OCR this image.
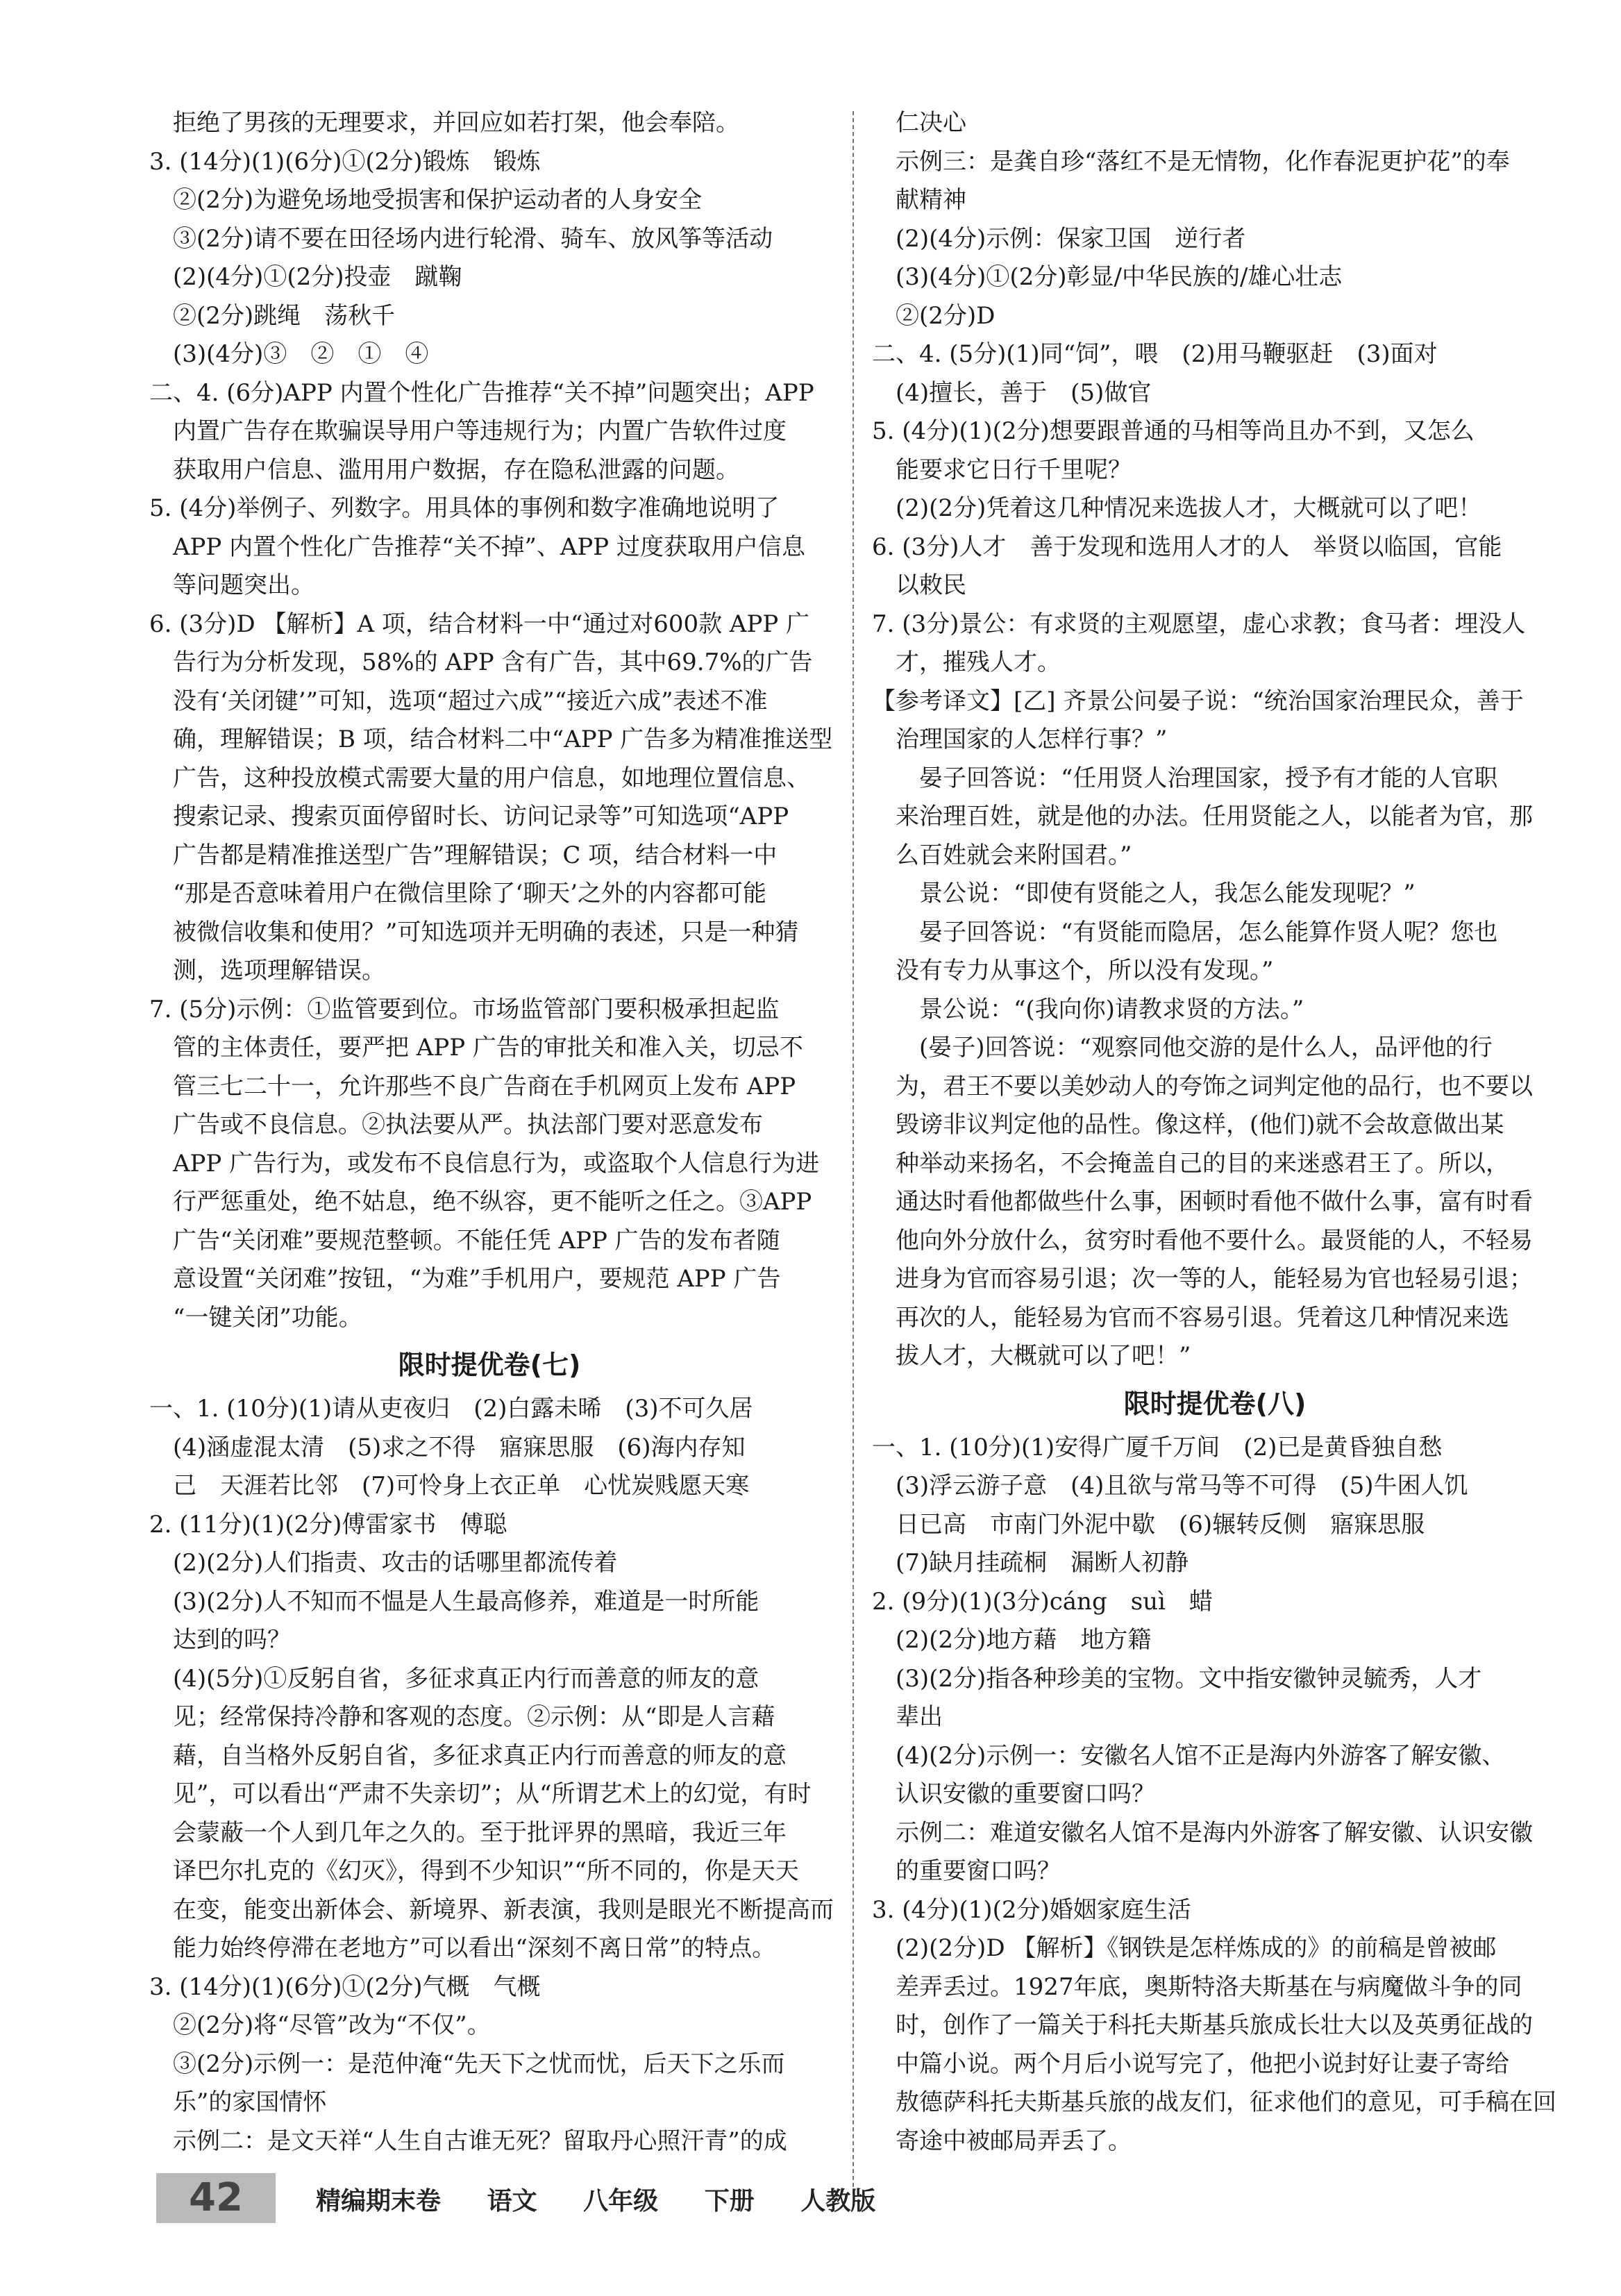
拒绝了男孩的无理要求，并回应如若打架，他会奉陪。
3. (14分)(1)(6分)①(2分)锻炼　锻炼
②(2分)为避免场地受损害和保护运动者的人身安全
③(2分)请不要在田径场内进行轮滑、骑车、放风筝等活动
(2)(4分)①(2分)投壶　蹴鞠
②(2分)跳绳　荡秋千
(3)(4分)③　②　①　④
二、4. (6分)APP 内置个性化广告推荐“关不掉”问题突出；APP
内置广告存在欺骗误导用户等违规行为；内置广告软件过度
获取用户信息、滥用用户数据，存在隐私泄露的问题。
5. (4分)举例子、列数字。用具体的事例和数字准确地说明了
APP 内置个性化广告推荐“关不掉”、APP 过度获取用户信息
等问题突出。
6. (3分)D 【解析】A 项，结合材料一中“通过对600款 APP 广
告行为分析发现，58%的 APP 含有广告，其中69.7%的广告
没有‘关闭键’”可知，选项“超过六成”“接近六成”表述不准
确，理解错误；B 项，结合材料二中“APP 广告多为精准推送型
广告，这种投放模式需要大量的用户信息，如地理位置信息、
搜索记录、搜索页面停留时长、访问记录等”可知选项“APP
广告都是精准推送型广告”理解错误；C 项，结合材料一中
“那是否意味着用户在微信里除了‘聊天’之外的内容都可能
被微信收集和使用？”可知选项并无明确的表述，只是一种猜
测，选项理解错误。
7. (5分)示例：①监管要到位。市场监管部门要积极承担起监
管的主体责任，要严把 APP 广告的审批关和准入关，切忌不
管三七二十一，允许那些不良广告商在手机网页上发布 APP
广告或不良信息。②执法要从严。执法部门要对恶意发布
APP 广告行为，或发布不良信息行为，或盗取个人信息行为进
行严惩重处，绝不姑息，绝不纵容，更不能听之任之。③APP
广告“关闭难”要规范整顿。不能任凭 APP 广告的发布者随
意设置“关闭难”按钮，“为难”手机用户，要规范 APP 广告
“一键关闭”功能。
限时提优卷(七)
一、1. (10分)(1)请从吏夜归　(2)白露未晞　(3)不可久居
(4)涵虚混太清　(5)求之不得　寤寐思服　(6)海内存知
己　天涯若比邻　(7)可怜身上衣正单　心忧炭贱愿天寒
2. (11分)(1)(2分)傅雷家书　傅聪
(2)(2分)人们指责、攻击的话哪里都流传着
(3)(2分)人不知而不愠是人生最高修养，难道是一时所能
达到的吗？
(4)(5分)①反躬自省，多征求真正内行而善意的师友的意
见；经常保持冷静和客观的态度。②示例：从“即是人言藉
藉，自当格外反躬自省，多征求真正内行而善意的师友的意
见”，可以看出“严肃不失亲切”；从“所谓艺术上的幻觉，有时
会蒙蔽一个人到几年之久的。至于批评界的黑暗，我近三年
译巴尔扎克的《幻灭》，得到不少知识”“所不同的，你是天天
在变，能变出新体会、新境界、新表演，我则是眼光不断提高而
能力始终停滞在老地方”可以看出“深刻不离日常”的特点。
3. (14分)(1)(6分)①(2分)气概　气概
②(2分)将“尽管”改为“不仅”。
③(2分)示例一：是范仲淹“先天下之忧而忧，后天下之乐而
乐”的家国情怀
示例二：是文天祥“人生自古谁无死？留取丹心照汗青”的成
仁决心
示例三：是龚自珍“落红不是无情物，化作春泥更护花”的奉
献精神
(2)(4分)示例：保家卫国　逆行者
(3)(4分)①(2分)彰显/中华民族的/雄心壮志
②(2分)D
二、4. (5分)(1)同“饲”，喂　(2)用马鞭驱赶　(3)面对
(4)擅长，善于　(5)做官
5. (4分)(1)(2分)想要跟普通的马相等尚且办不到，又怎么
能要求它日行千里呢？
(2)(2分)凭着这几种情况来选拔人才，大概就可以了吧！
6. (3分)人才　善于发现和选用人才的人　举贤以临国，官能
以敕民
7. (3分)景公：有求贤的主观愿望，虚心求教；食马者：埋没人
才，摧残人才。
【参考译文】[乙] 齐景公问晏子说：“统治国家治理民众，善于
治理国家的人怎样行事？”
晏子回答说：“任用贤人治理国家，授予有才能的人官职
来治理百姓，就是他的办法。任用贤能之人，以能者为官，那
么百姓就会来附国君。”
景公说：“即使有贤能之人，我怎么能发现呢？”
晏子回答说：“有贤能而隐居，怎么能算作贤人呢？您也
没有专力从事这个，所以没有发现。”
景公说：“(我向你)请教求贤的方法。”
(晏子)回答说：“观察同他交游的是什么人，品评他的行
为，君王不要以美妙动人的夸饰之词判定他的品行，也不要以
毁谤非议判定他的品性。像这样，(他们)就不会故意做出某
种举动来扬名，不会掩盖自己的目的来迷惑君王了。所以，
通达时看他都做些什么事，困顿时看他不做什么事，富有时看
他向外分放什么，贫穷时看他不要什么。最贤能的人，不轻易
进身为官而容易引退；次一等的人，能轻易为官也轻易引退；
再次的人，能轻易为官而不容易引退。凭着这几种情况来选
拔人才，大概就可以了吧！”
限时提优卷(八)
一、1. (10分)(1)安得广厦千万间　(2)已是黄昏独自愁
(3)浮云游子意　(4)且欲与常马等不可得　(5)牛困人饥
日已高　市南门外泥中歇　(6)辗转反侧　寤寐思服
(7)缺月挂疏桐　漏断人初静
2. (9分)(1)(3分)cáng　suì　蜡
(2)(2分)地方藉　地方籍
(3)(2分)指各种珍美的宝物。文中指安徽钟灵毓秀，人才
辈出
(4)(2分)示例一：安徽名人馆不正是海内外游客了解安徽、
认识安徽的重要窗口吗？
示例二：难道安徽名人馆不是海内外游客了解安徽、认识安徽
的重要窗口吗？
3. (4分)(1)(2分)婚姻家庭生活
(2)(2分)D 【解析】《钢铁是怎样炼成的》的前稿是曾被邮
差弄丢过。1927年底，奥斯特洛夫斯基在与病魔做斗争的同
时，创作了一篇关于科托夫斯基兵旅成长壮大以及英勇征战的
中篇小说。两个月后小说写完了，他把小说封好让妻子寄给
敖德萨科托夫斯基兵旅的战友们，征求他们的意见，可手稿在回
寄途中被邮局弄丢了。
42	精编期末卷 语文 八年级 下册 人教版
